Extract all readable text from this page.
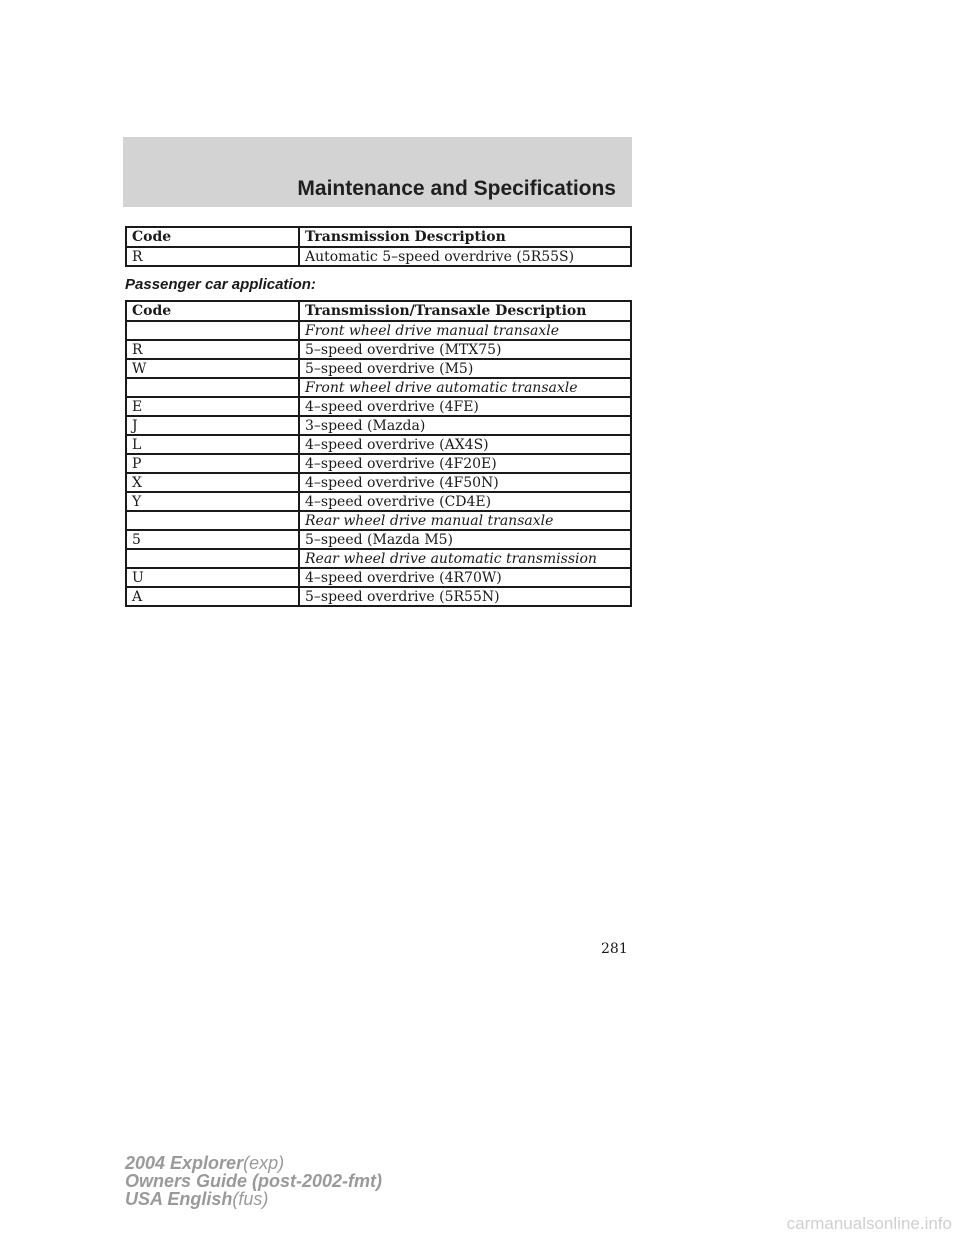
Maintenance and Specifications
Code	Transmission Description
R	Automatic 5–speed overdrive (5R55S)
Passenger car application:
Code	Transmission/Transaxle Description
	Front wheel drive manual transaxle
R	5–speed overdrive (MTX75)
W	5–speed overdrive (M5)
	Front wheel drive automatic transaxle
E	4–speed overdrive (4FE)
J	3–speed (Mazda)
L	4–speed overdrive (AX4S)
P	4–speed overdrive (4F20E)
X	4–speed overdrive (4F50N)
Y	4–speed overdrive (CD4E)
	Rear wheel drive manual transaxle
5	5–speed (Mazda M5)
	Rear wheel drive automatic transmission
U	4–speed overdrive (4R70W)
A	5–speed overdrive (5R55N)
281
2004 Explorer(exp)
Owners Guide (post-2002-fmt)
USA English(fus)
carmanualsonline.info
